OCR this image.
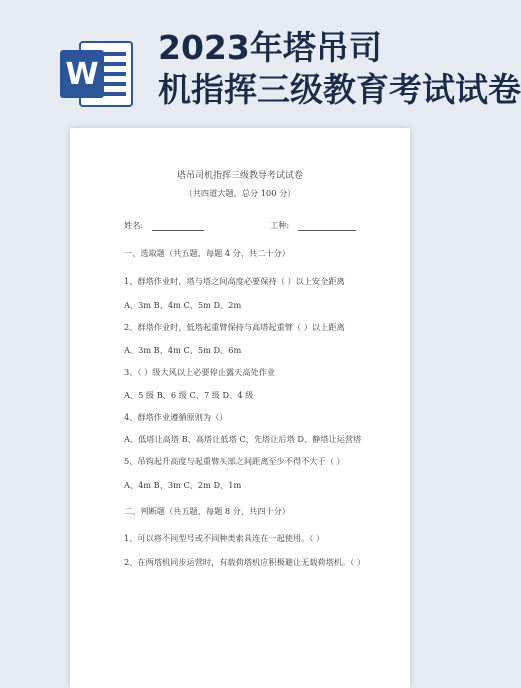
W
2023年塔吊司
机指挥三级教育考试试卷
塔吊司机指挥三级教导考试试卷
（共四道大题，总分 100 分）
姓名:	工种:
一、选取题（共五题，每题 4 分，共二十分）
1、群塔作业时，塔与塔之间高度必要保持（ ）以上安全距离
A、3m B、4m C、5m D、2m
2、群塔作业时，低塔起重臂保持与高塔起重臂（ ）以上距离
A、3m B、4m C、5m D、6m
3、（ ）级大风以上必要停止露天高处作业
A、5 级 B、6 级 C、7 级 D、4 级
4、群塔作业遵循原则为（）
A、低塔让高塔 B、高塔让低塔 C、先塔让后塔 D、静塔让运营塔
5、吊钩起升高度与起重臂头部之间距离至少不得不大于（ ）
A、4m B、3m C、2m D、1m
二、判断题（共五题，每题 8 分，共四十分）
1、可以将不同型号或不同种类索具连在一起使用。（ ）
2、在两塔机同步运营时，有载荷塔机应积极避让无载荷塔机。（ ）
